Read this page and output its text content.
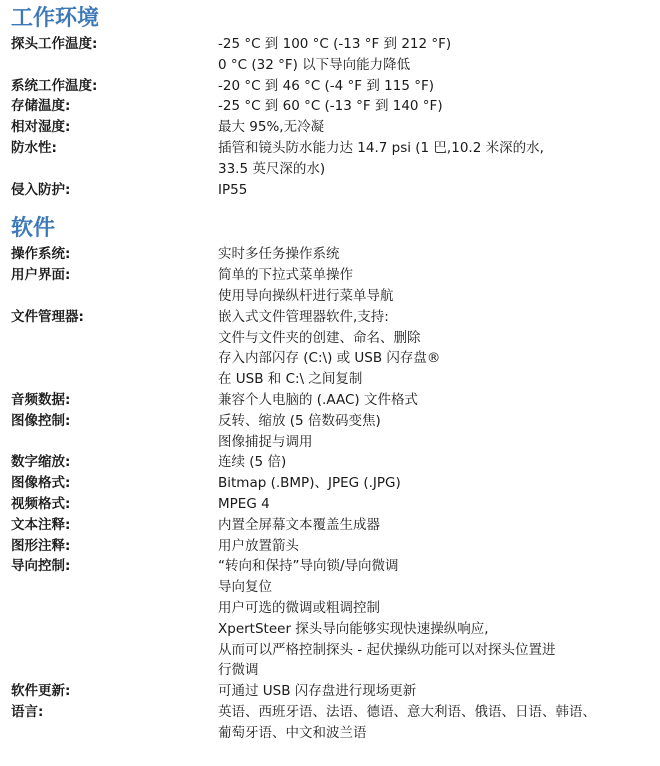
工作环境
探头工作温度:	-25 °C 到 100 °C (-13 °F 到 212 °F)
0 °C (32 °F) 以下导向能力降低
系统工作温度:	-20 °C 到 46 °C (-4 °F 到 115 °F)
存储温度:	-25 °C 到 60 °C (-13 °F 到 140 °F)
相对湿度:	最大 95%,无冷凝
防水性:	插管和镜头防水能力达 14.7 psi (1 巴,10.2 米深的水,
33.5 英尺深的水)
侵入防护:	IP55
软件
操作系统:	实时多任务操作系统
用户界面:	简单的下拉式菜单操作
使用导向操纵杆进行菜单导航
文件管理器:	嵌入式文件管理器软件,支持:
文件与文件夹的创建、命名、删除
存入内部闪存 (C:\) 或 USB 闪存盘®
在 USB 和 C:\ 之间复制
音频数据:	兼容个人电脑的 (.AAC) 文件格式
图像控制:	反转、缩放 (5 倍数码变焦)
图像捕捉与调用
数字缩放:	连续 (5 倍)
图像格式:	Bitmap (.BMP)、JPEG (.JPG)
视频格式:	MPEG 4
文本注释:	内置全屏幕文本覆盖生成器
图形注释:	用户放置箭头
导向控制:	“转向和保持”导向锁/导向微调
导向复位
用户可选的微调或粗调控制
XpertSteer 探头导向能够实现快速操纵响应,
从而可以严格控制探头 - 起伏操纵功能可以对探头位置进
行微调
软件更新:	可通过 USB 闪存盘进行现场更新
语言:	英语、西班牙语、法语、德语、意大利语、俄语、日语、韩语、
葡萄牙语、中文和波兰语
